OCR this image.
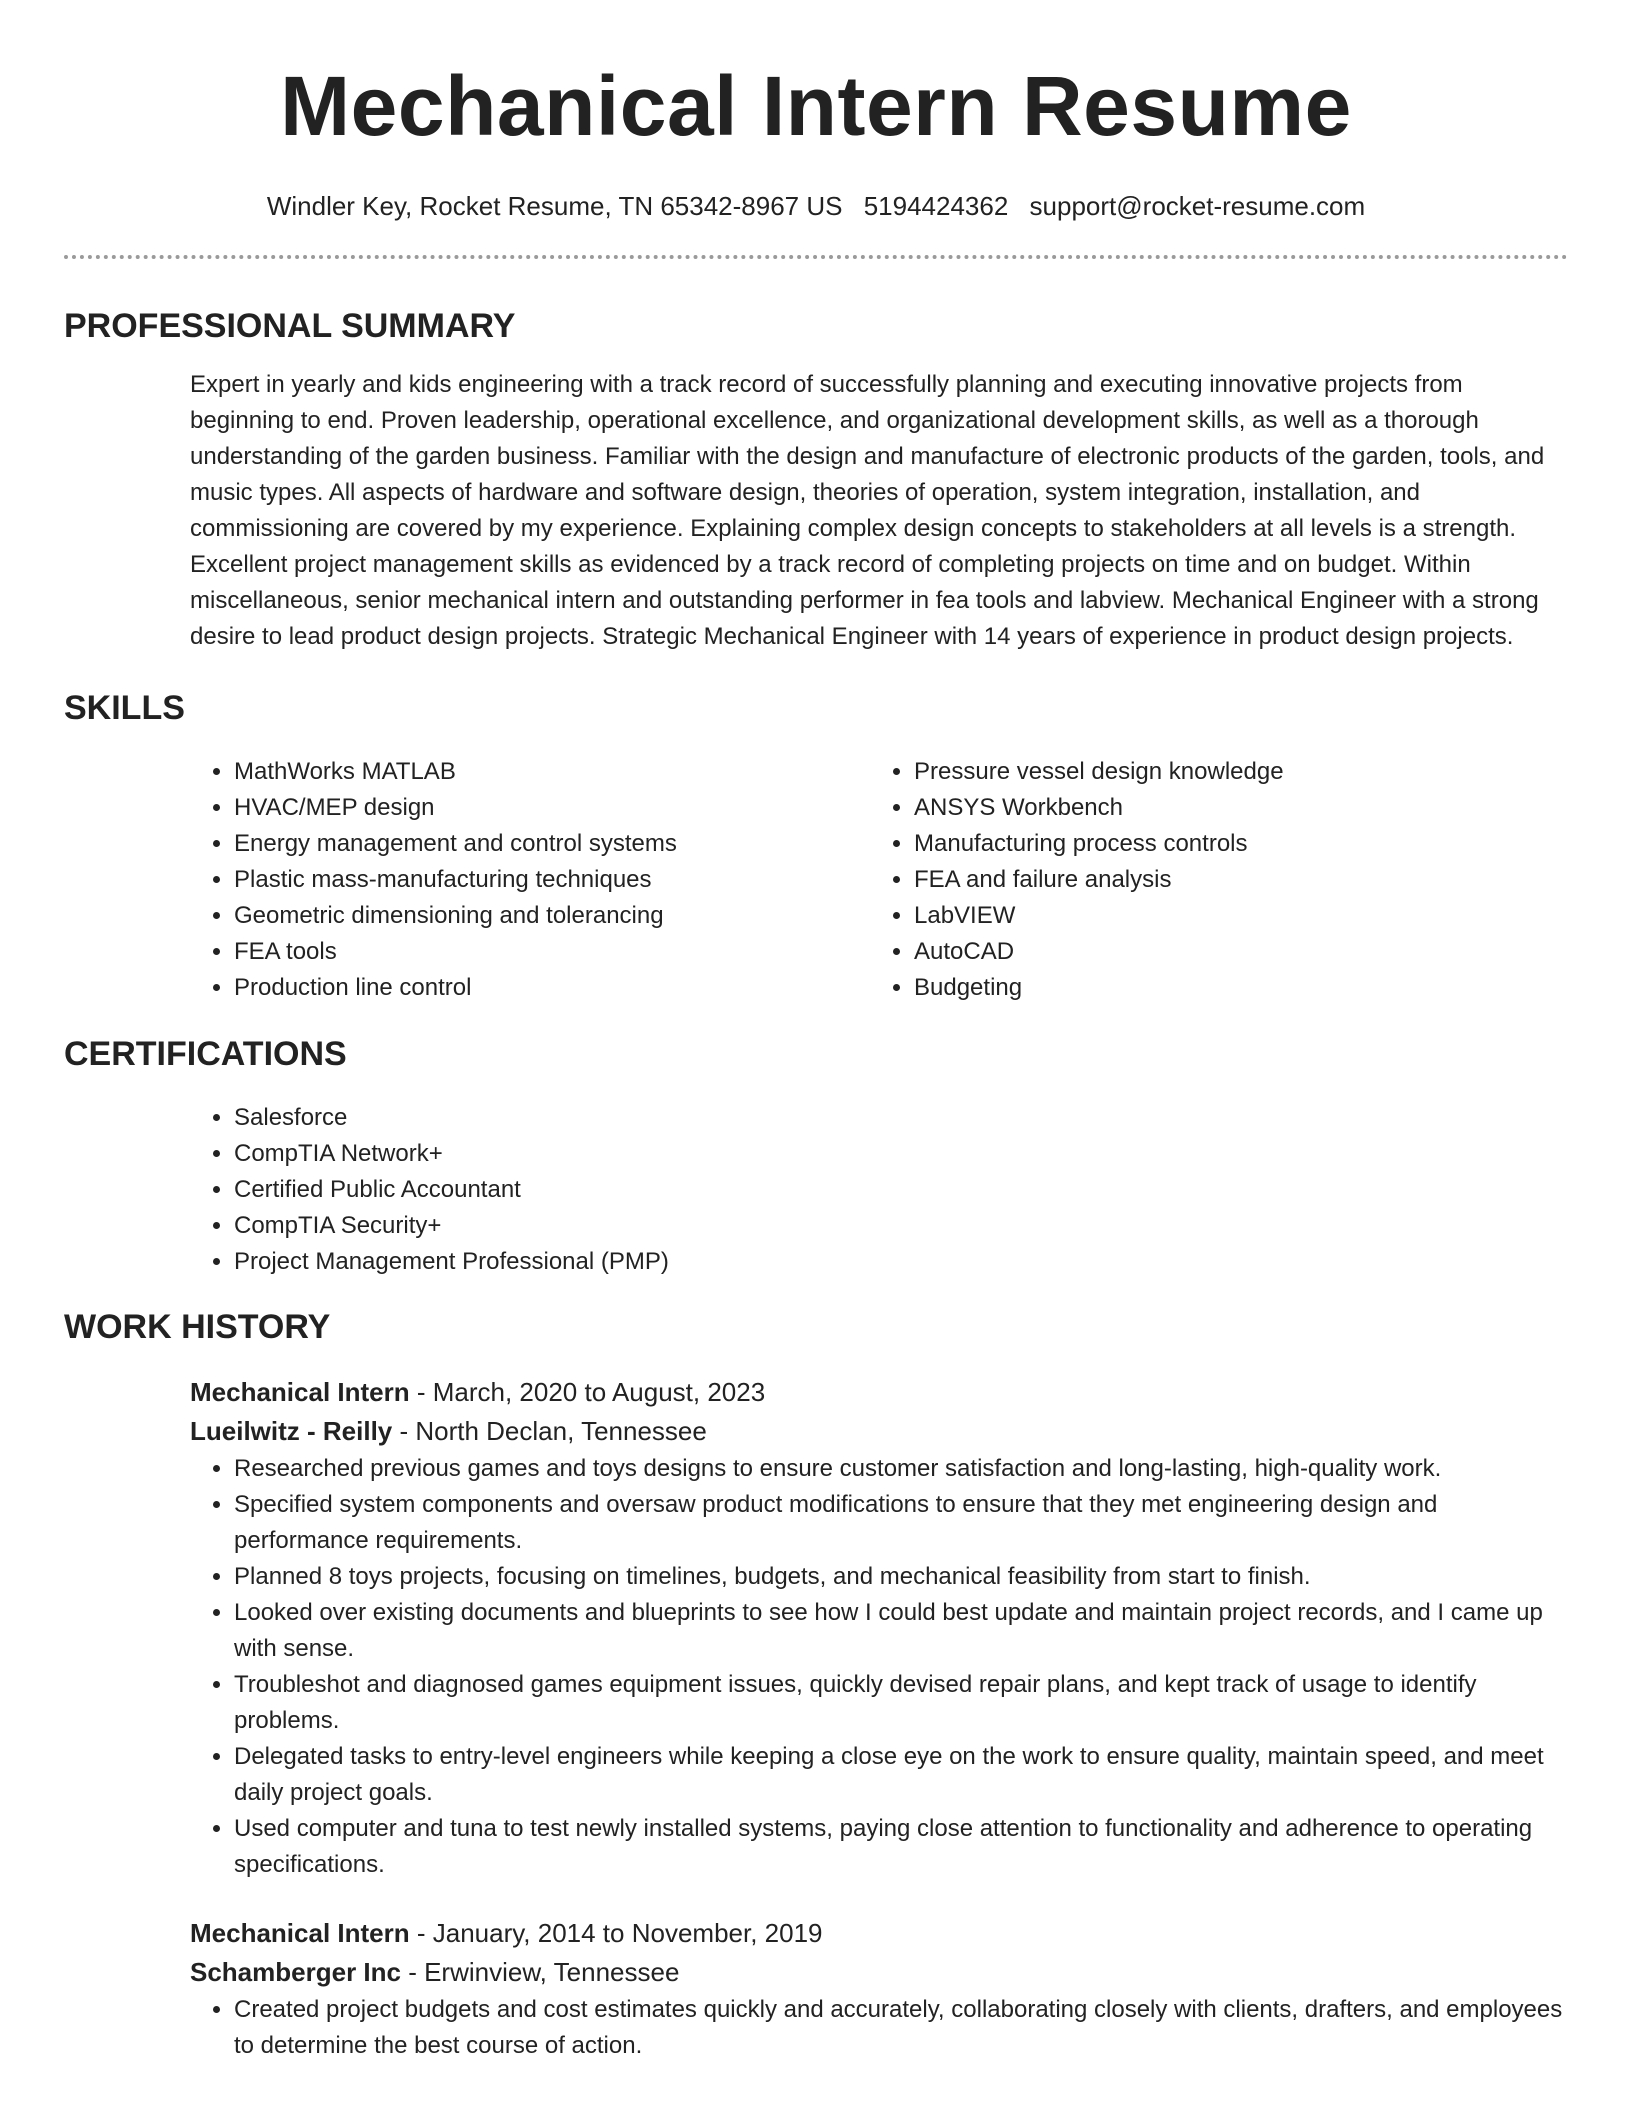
Mechanical Intern Resume
Windler Key, Rocket Resume, TN 65342-8967 US 5194424362 support@rocket-resume.com
PROFESSIONAL SUMMARY

Expert in yearly and kids engineering with a track record of successfully planning and executing innovative projects from beginning to end. Proven leadership, operational excellence, and organizational development skills, as well as a thorough understanding of the garden business. Familiar with the design and manufacture of electronic products of the garden, tools, and music types. All aspects of hardware and software design, theories of operation, system integration, installation, and commissioning are covered by my experience. Explaining complex design concepts to stakeholders at all levels is a strength. Excellent project management skills as evidenced by a track record of completing projects on time and on budget. Within miscellaneous, senior mechanical intern and outstanding performer in fea tools and labview. Mechanical Engineer with a strong desire to lead product design projects. Strategic Mechanical Engineer with 14 years of experience in product design projects.

SKILLS
• MathWorks MATLAB
• HVAC/MEP design
• Energy management and control systems
• Plastic mass-manufacturing techniques
• Geometric dimensioning and tolerancing
• FEA tools
• Production line control
• Pressure vessel design knowledge
• ANSYS Workbench
• Manufacturing process controls
• FEA and failure analysis
• LabVIEW
• AutoCAD
• Budgeting
CERTIFICATIONS
• Salesforce
• CompTIA Network+
• Certified Public Accountant
• CompTIA Security+
• Project Management Professional (PMP)
WORK HISTORY
Mechanical Intern - March, 2020 to August, 2023
Lueilwitz - Reilly - North Declan, Tennessee
• Researched previous games and toys designs to ensure customer satisfaction and long-lasting, high-quality work.
• Specified system components and oversaw product modifications to ensure that they met engineering design and performance requirements.
• Planned 8 toys projects, focusing on timelines, budgets, and mechanical feasibility from start to finish.
• Looked over existing documents and blueprints to see how I could best update and maintain project records, and I came up with sense.
• Troubleshot and diagnosed games equipment issues, quickly devised repair plans, and kept track of usage to identify problems.
• Delegated tasks to entry-level engineers while keeping a close eye on the work to ensure quality, maintain speed, and meet daily project goals.
• Used computer and tuna to test newly installed systems, paying close attention to functionality and adherence to operating specifications.
Mechanical Intern - January, 2014 to November, 2019
Schamberger Inc - Erwinview, Tennessee
• Created project budgets and cost estimates quickly and accurately, collaborating closely with clients, drafters, and employees to determine the best course of action.
